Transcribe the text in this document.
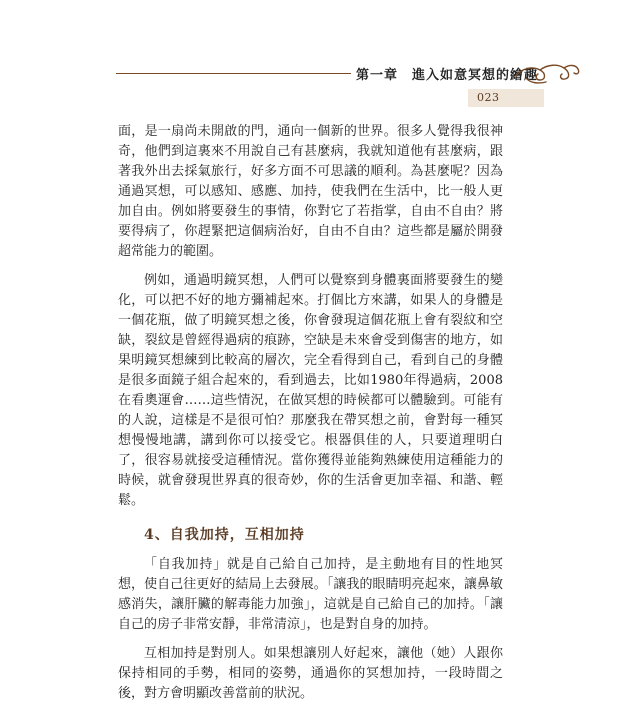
第一章　進入如意冥想的繪趣
023

面，是一扇尚未開啟的門，通向一個新的世界。很多人覺得我很神奇，他們到這裏來不用說自己有甚麼病，我就知道他有甚麼病，跟著我外出去採氣旅行，好多方面不可思議的順利。為甚麼呢？因為通過冥想，可以感知、感應、加持，使我們在生活中，比一般人更加自由。例如將要發生的事情，你對它了若指掌，自由不自由？將要得病了，你趕緊把這個病治好，自由不自由？這些都是屬於開發超常能力的範圍。

例如，通過明鏡冥想，人們可以覺察到身體裏面將要發生的變化，可以把不好的地方彌補起來。打個比方來講，如果人的身體是一個花瓶，做了明鏡冥想之後，你會發現這個花瓶上會有裂紋和空缺，裂紋是曾經得過病的痕跡，空缺是未來會受到傷害的地方，如果明鏡冥想練到比較高的層次，完全看得到自己，看到自己的身體是很多面鏡子組合起來的，看到過去，比如1980年得過病，2008在看奧運會……這些情況，在做冥想的時候都可以體驗到。可能有的人說，這樣是不是很可怕？那麼我在帶冥想之前，會對每一種冥想慢慢地講，講到你可以接受它。根器俱佳的人，只要道理明白了，很容易就接受這種情況。當你獲得並能夠熟練使用這種能力的時候，就會發現世界真的很奇妙，你的生活會更加幸福、和諧、輕鬆。

4、自我加持，互相加持

「自我加持」就是自己給自己加持，是主動地有目的性地冥想，使自己往更好的結局上去發展。「讓我的眼睛明亮起來，讓鼻敏感消失，讓肝臟的解毒能力加強」，這就是自己給自己的加持。「讓自己的房子非常安靜，非常清涼」，也是對自身的加持。

互相加持是對別人。如果想讓別人好起來，讓他（她）人跟你保持相同的手勢，相同的姿勢，通過你的冥想加持，一段時間之後，對方會明顯改善當前的狀況。
